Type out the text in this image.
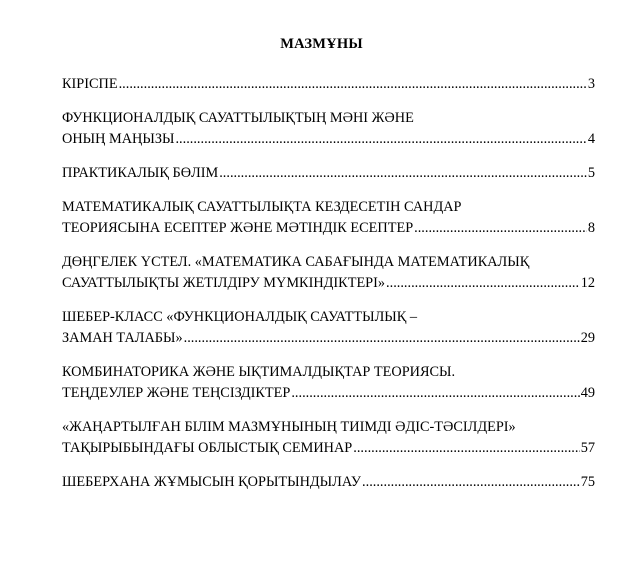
МАЗМҰНЫ
КІРІСПЕ .....	3
ФУНКЦИОНАЛДЫҚ САУАТТЫЛЫҚТЫҢ МӘНІ ЖӘНЕ
ОНЫҢ МАҢЫЗЫ .....	4
ПРАКТИКАЛЫҚ БӨЛІМ .....	5
МАТЕМАТИКАЛЫҚ САУАТТЫЛЫҚТА КЕЗДЕСЕТІН САНДАР
ТЕОРИЯСЫНА ЕСЕПТЕР ЖӘНЕ МӘТІНДІК ЕСЕПТЕР .....	8
ДӨҢГЕЛЕК ҮСТЕЛ. «МАТЕМАТИКА САБАҒЫНДА МАТЕМАТИКАЛЫҚ
САУАТТЫЛЫҚТЫ ЖЕТІЛДІРУ МҮМКІНДІКТЕРІ» .....	12
ШЕБЕР-КЛАСС «ФУНКЦИОНАЛДЫҚ САУАТТЫЛЫҚ –
ЗАМАН ТАЛАБЫ» .....	29
КОМБИНАТОРИКА ЖӘНЕ ЫҚТИМАЛДЫҚТАР ТЕОРИЯСЫ.
ТЕҢДЕУЛЕР ЖӘНЕ ТЕҢСІЗДІКТЕР .....	49
«ЖАҢАРТЫЛҒАН БІЛІМ МАЗМҰНЫНЫҢ ТИІМДІ ӘДІС-ТӘСІЛДЕРІ»
ТАҚЫРЫБЫНДАҒЫ ОБЛЫСТЫҚ СЕМИНАР .....	57
ШЕБЕРХАНА ЖҰМЫСЫН ҚОРЫТЫНДЫЛАУ .....	75
